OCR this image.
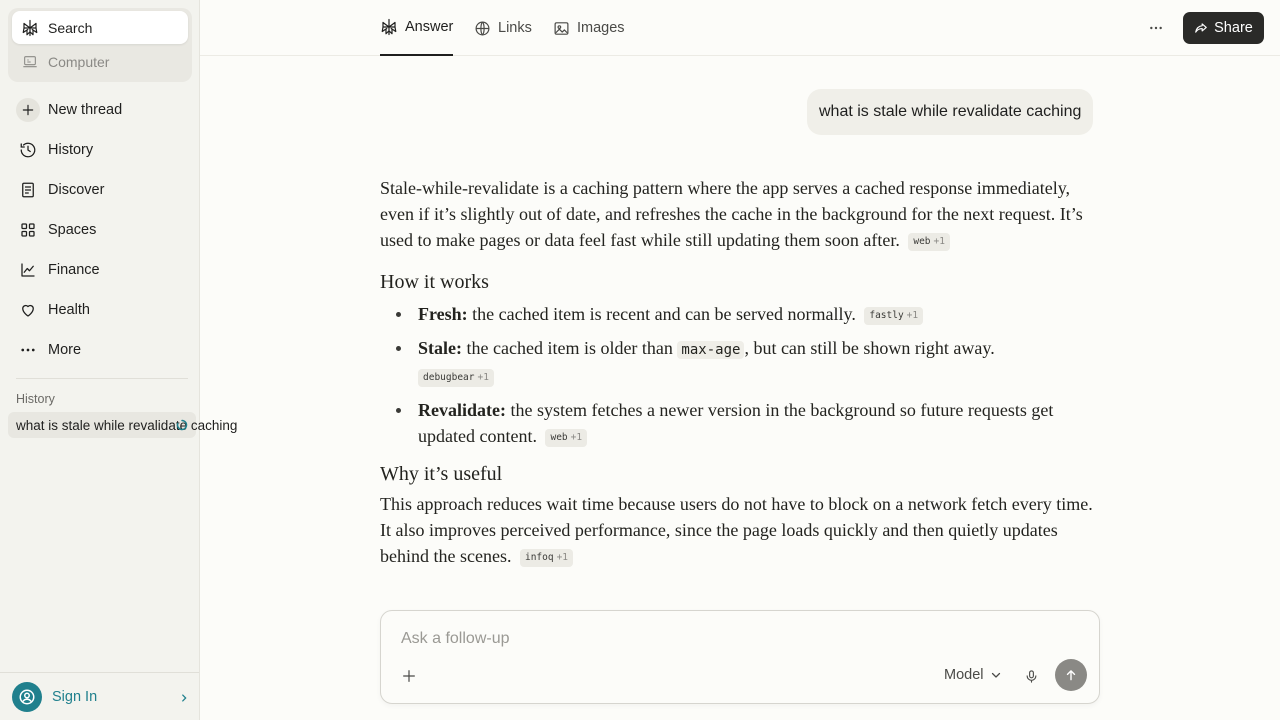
Search
Computer
New thread
History
Discover
Spaces
Finance
Health
More
History
what is stale while revalidate caching
Sign In
Answer	Links	Images	Share
what is stale while revalidate caching

Stale-while-revalidate is a caching pattern where the app serves a cached response immediately, even if it’s slightly out of date, and refreshes the cache in the background for the next request. It’s used to make pages or data feel fast while still updating them soon after. web +1

How it works
Fresh: the cached item is recent and can be served normally. fastly +1
Stale: the cached item is older than max-age , but can still be shown right away.
debugbear +1
Revalidate: the system fetches a newer version in the background so future requests get updated content. web +1
Why it’s useful

This approach reduces wait time because users do not have to block on a network fetch every time. It also improves perceived performance, since the page loads quickly and then quietly updates behind the scenes. infoq +1

Ask a follow-up
Model
